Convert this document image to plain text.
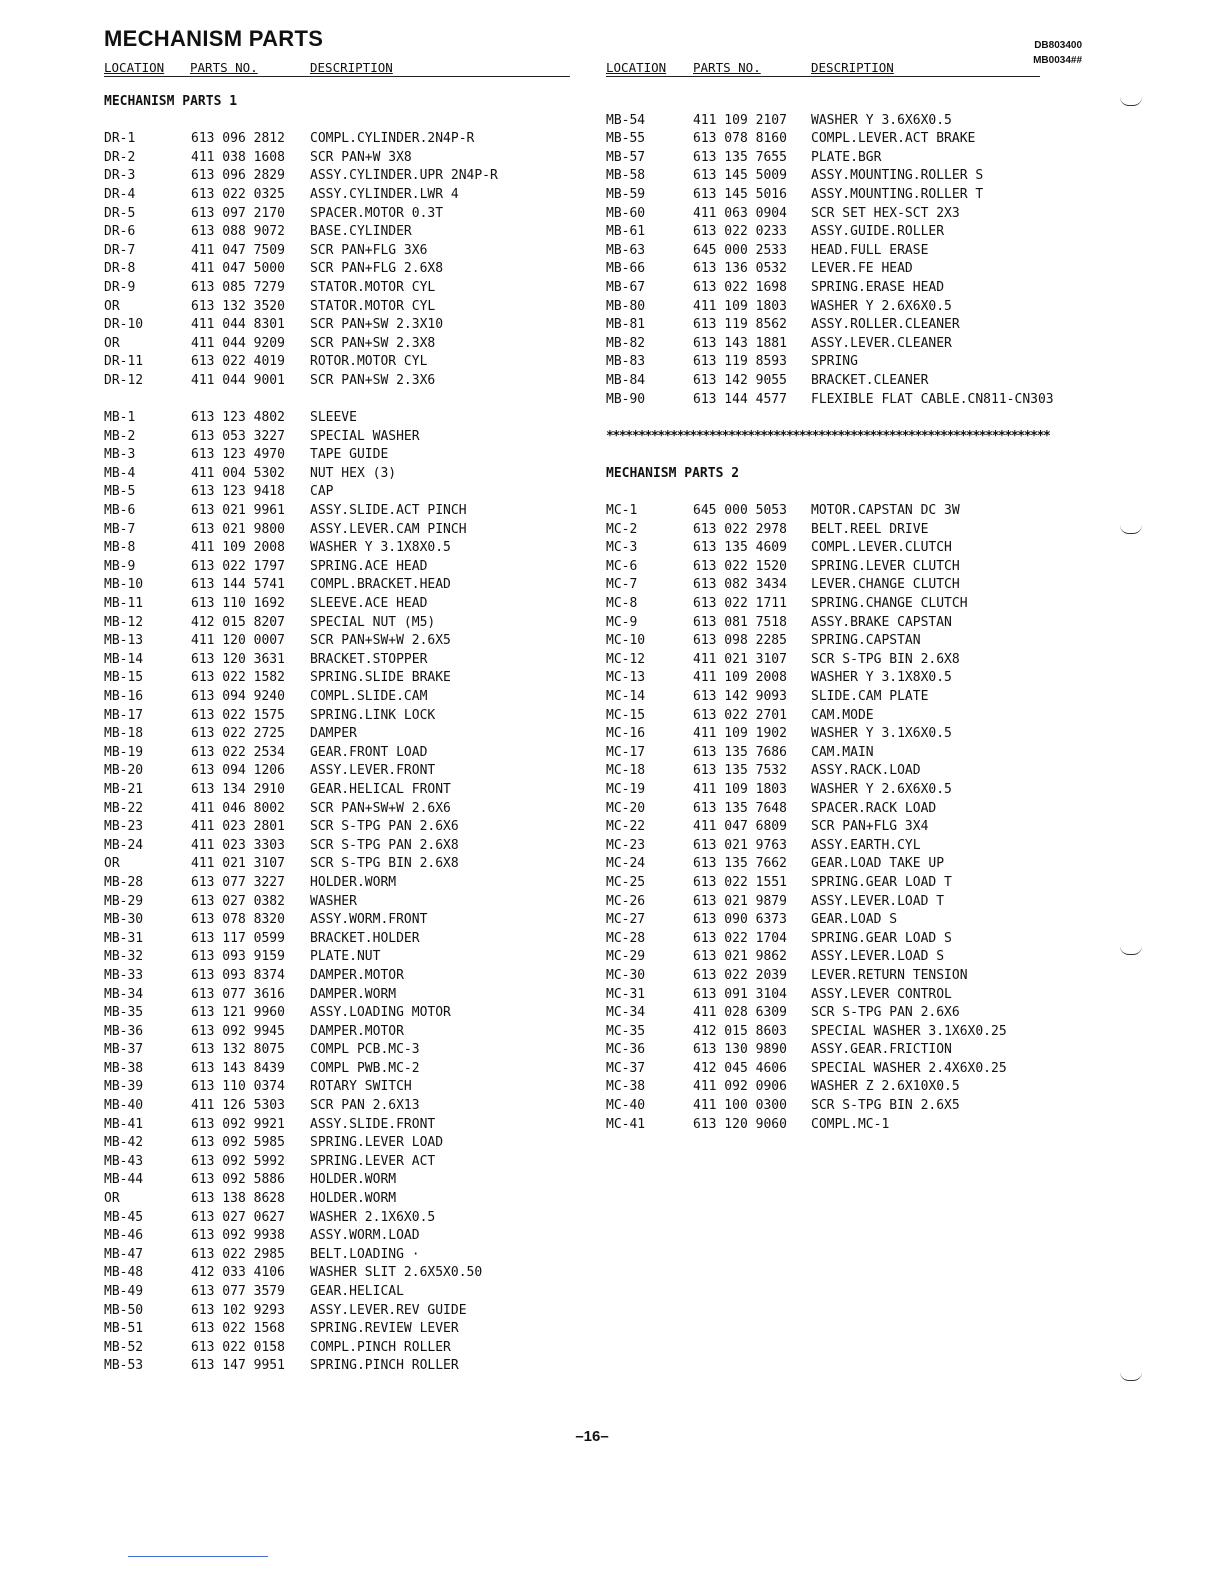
MECHANISM PARTS	DB803400
MB0034##
LOCATION PARTS NO.	DESCRIPTION	LOCATION PARTS NO.	DESCRIPTION
MECHANISM PARTS 1
DR-1	613 096 2812 COMPL.CYLINDER.2N4P-R
DR-2	411 038 1608 SCR PAN+W 3X8
DR-3	613 096 2829 ASSY.CYLINDER.UPR 2N4P-R
DR-4	613 022 0325 ASSY.CYLINDER.LWR 4
DR-5	613 097 2170 SPACER.MOTOR 0.3T
DR-6	613 088 9072 BASE.CYLINDER
DR-7	411 047 7509 SCR PAN+FLG 3X6
DR-8	411 047 5000 SCR PAN+FLG 2.6X8
DR-9	613 085 7279 STATOR.MOTOR CYL
OR	613 132 3520 STATOR.MOTOR CYL
DR-10	411 044 8301 SCR PAN+SW 2.3X10
OR	411 044 9209 SCR PAN+SW 2.3X8
DR-11	613 022 4019 ROTOR.MOTOR CYL
DR-12	411 044 9001 SCR PAN+SW 2.3X6
MB-1	613 123 4802 SLEEVE
MB-2	613 053 3227 SPECIAL WASHER
MB-3	613 123 4970 TAPE GUIDE
MB-4	411 004 5302 NUT HEX (3)
MB-5	613 123 9418 CAP
MB-6	613 021 9961 ASSY.SLIDE.ACT PINCH
MB-7	613 021 9800 ASSY.LEVER.CAM PINCH
MB-8	411 109 2008 WASHER Y 3.1X8X0.5
MB-9	613 022 1797 SPRING.ACE HEAD
MB-10	613 144 5741 COMPL.BRACKET.HEAD
MB-11	613 110 1692 SLEEVE.ACE HEAD
MB-12	412 015 8207 SPECIAL NUT (M5)
MB-13	411 120 0007 SCR PAN+SW+W 2.6X5
MB-14	613 120 3631 BRACKET.STOPPER
MB-15	613 022 1582 SPRING.SLIDE BRAKE
MB-16	613 094 9240 COMPL.SLIDE.CAM
MB-17	613 022 1575 SPRING.LINK LOCK
MB-18	613 022 2725 DAMPER
MB-19	613 022 2534 GEAR.FRONT LOAD
MB-20	613 094 1206 ASSY.LEVER.FRONT
MB-21	613 134 2910 GEAR.HELICAL FRONT
MB-22	411 046 8002 SCR PAN+SW+W 2.6X6
MB-23	411 023 2801 SCR S-TPG PAN 2.6X6
MB-24	411 023 3303 SCR S-TPG PAN 2.6X8
OR	411 021 3107 SCR S-TPG BIN 2.6X8
MB-28	613 077 3227 HOLDER.WORM
MB-29	613 027 0382 WASHER
MB-30	613 078 8320 ASSY.WORM.FRONT
MB-31	613 117 0599 BRACKET.HOLDER
MB-32	613 093 9159 PLATE.NUT
MB-33	613 093 8374 DAMPER.MOTOR
MB-34	613 077 3616 DAMPER.WORM
MB-35	613 121 9960 ASSY.LOADING MOTOR
MB-36	613 092 9945 DAMPER.MOTOR
MB-37	613 132 8075 COMPL PCB.MC-3
MB-38	613 143 8439 COMPL PWB.MC-2
MB-39	613 110 0374 ROTARY SWITCH
MB-40	411 126 5303 SCR PAN 2.6X13
MB-41	613 092 9921 ASSY.SLIDE.FRONT
MB-42	613 092 5985 SPRING.LEVER LOAD
MB-43	613 092 5992 SPRING.LEVER ACT
MB-44	613 092 5886 HOLDER.WORM
OR	613 138 8628 HOLDER.WORM
MB-45	613 027 0627 WASHER 2.1X6X0.5
MB-46	613 092 9938 ASSY.WORM.LOAD
MB-47	613 022 2985 BELT.LOADING ·
MB-48	412 033 4106 WASHER SLIT 2.6X5X0.50
MB-49	613 077 3579 GEAR.HELICAL
MB-50	613 102 9293 ASSY.LEVER.REV GUIDE
MB-51	613 022 1568 SPRING.REVIEW LEVER
MB-52	613 022 0158 COMPL.PINCH ROLLER
MB-53	613 147 9951 SPRING.PINCH ROLLER
MB-54	411 109 2107 WASHER Y 3.6X6X0.5
MB-55	613 078 8160 COMPL.LEVER.ACT BRAKE
MB-57	613 135 7655 PLATE.BGR
MB-58	613 145 5009 ASSY.MOUNTING.ROLLER S
MB-59	613 145 5016 ASSY.MOUNTING.ROLLER T
MB-60	411 063 0904 SCR SET HEX-SCT 2X3
MB-61	613 022 0233 ASSY.GUIDE.ROLLER
MB-63	645 000 2533 HEAD.FULL ERASE
MB-66	613 136 0532 LEVER.FE HEAD
MB-67	613 022 1698 SPRING.ERASE HEAD
MB-80	411 109 1803 WASHER Y 2.6X6X0.5
MB-81	613 119 8562 ASSY.ROLLER.CLEANER
MB-82	613 143 1881 ASSY.LEVER.CLEANER
MB-83	613 119 8593 SPRING
MB-84	613 142 9055 BRACKET.CLEANER
MB-90	613 144 4577 FLEXIBLE FLAT CABLE.CN811-CN303
*********************************************************************
MECHANISM PARTS 2
MC-1	645 000 5053 MOTOR.CAPSTAN DC 3W
MC-2	613 022 2978 BELT.REEL DRIVE
MC-3	613 135 4609 COMPL.LEVER.CLUTCH
MC-6	613 022 1520 SPRING.LEVER CLUTCH
MC-7	613 082 3434 LEVER.CHANGE CLUTCH
MC-8	613 022 1711 SPRING.CHANGE CLUTCH
MC-9	613 081 7518 ASSY.BRAKE CAPSTAN
MC-10	613 098 2285 SPRING.CAPSTAN
MC-12	411 021 3107 SCR S-TPG BIN 2.6X8
MC-13	411 109 2008 WASHER Y 3.1X8X0.5
MC-14	613 142 9093 SLIDE.CAM PLATE
MC-15	613 022 2701 CAM.MODE
MC-16	411 109 1902 WASHER Y 3.1X6X0.5
MC-17	613 135 7686 CAM.MAIN
MC-18	613 135 7532 ASSY.RACK.LOAD
MC-19	411 109 1803 WASHER Y 2.6X6X0.5
MC-20	613 135 7648 SPACER.RACK LOAD
MC-22	411 047 6809 SCR PAN+FLG 3X4
MC-23	613 021 9763 ASSY.EARTH.CYL
MC-24	613 135 7662 GEAR.LOAD TAKE UP
MC-25	613 022 1551 SPRING.GEAR LOAD T
MC-26	613 021 9879 ASSY.LEVER.LOAD T
MC-27	613 090 6373 GEAR.LOAD S
MC-28	613 022 1704 SPRING.GEAR LOAD S
MC-29	613 021 9862 ASSY.LEVER.LOAD S
MC-30	613 022 2039 LEVER.RETURN TENSION
MC-31	613 091 3104 ASSY.LEVER CONTROL
MC-34	411 028 6309 SCR S-TPG PAN 2.6X6
MC-35	412 015 8603 SPECIAL WASHER 3.1X6X0.25
MC-36	613 130 9890 ASSY.GEAR.FRICTION
MC-37	412 045 4606 SPECIAL WASHER 2.4X6X0.25
MC-38	411 092 0906 WASHER Z 2.6X10X0.5
MC-40	411 100 0300 SCR S-TPG BIN 2.6X5
MC-41	613 120 9060 COMPL.MC-1
–16–
